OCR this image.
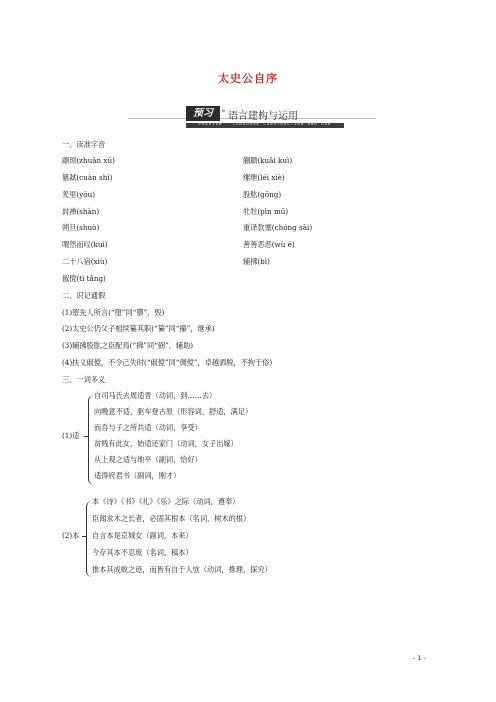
太史公自序
预习	» 语言建构与运用
PREVIEW · LANGUAGE CONSTRUCTION AND USE
一、读准字音
颛顼(zhuān xū)
篡弑(cuàn shì)
羑里(yǒu)
封禅(shàn)
朔旦(shuò)
喟然而叹(kuì)
二十八宿(xiù)
俶傥(tì tǎng)
蒯聩(kuǎi kuì)
缧绁(léi xiè)
股肱(gōng)
牝牡(pìn mǔ)
重译款塞(chóng sāi)
善善恶恶(wù è)
辅拂(bì)
二、识记通假
(1)堕先人所言(“堕”同“隳”，毁)
(2)太史公仍父子相续纂其职(“纂”同“攥”，继承)
(3)辅拂股肱之臣配焉(“拂”同“弼”，辅助)
(4)扶义俶傥，不令己失时(“俶傥”同“倜傥”，卓越洒脱，不拘于俗)
三、一词多义
(1)适
自司马氏去周适晋（动词，到……去）
向晚意不适，驱车登古原（形容词，舒适，满足）
而吾与子之所共适（动词，享受）
贫贱有此女，始适还家门（动词，女子出嫁）
从上观之适与地平（副词，恰好）
适得府君书（副词，刚才）
(2)本
本《诗》《书》《礼》《乐》之际（动词，遵奉）
臣闻求木之长者，必固其根本（名词，树木的根）
自言本是京城女（副词，本来）
今存其本不忍废（名词，稿本）
推本其成败之迹，而皆有自于人欤（动词，推理，探究）
- 1 -
